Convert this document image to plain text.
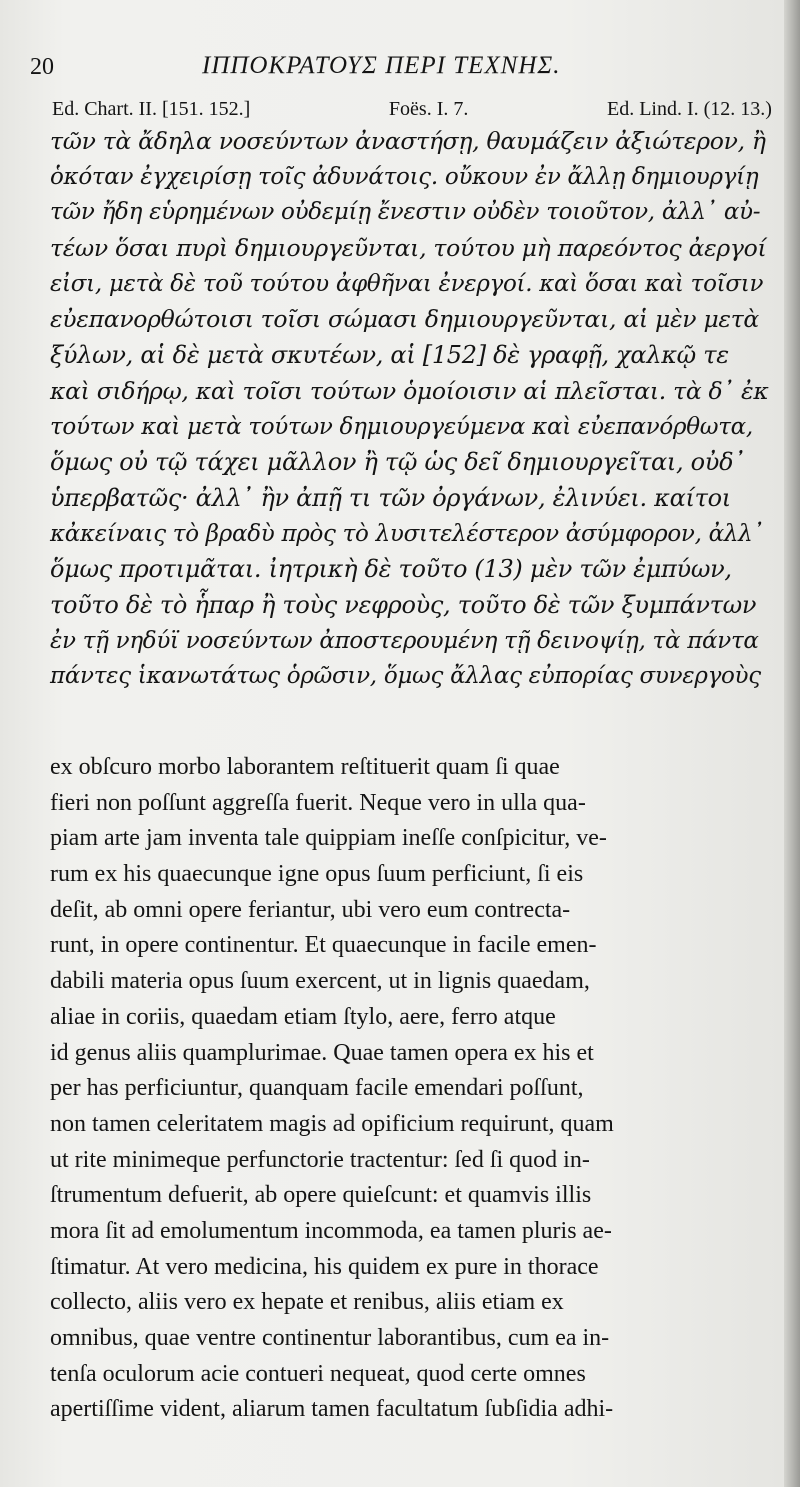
20	ΙΠΠΟΚΡΑΤΟΥΣ ΠΕΡΙ ΤΕΧΝΗΣ.
Ed. Chart. II. [151. 152.]	Foës. I. 7.	Ed. Lind. I. (12. 13.)
τῶν τὰ ἄδηλα νοσεύντων ἀναστήσῃ, θαυμάζειν ἀξιώτερον, ἢ
ὁκόταν ἐγχειρίσῃ τοῖς ἀδυνάτοις. οὔκουν ἐν ἄλλῃ δημιουργίῃ
τῶν ἤδη εὑρημένων οὐδεμίῃ ἔνεστιν οὐδὲν τοιοῦτον, ἀλλ᾽ αὐ-
τέων ὅσαι πυρὶ δημιουργεῦνται, τούτου μὴ παρεόντος ἀεργοί
εἰσι, μετὰ δὲ τοῦ τούτου ἀφθῆναι ἐνεργοί. καὶ ὅσαι καὶ τοῖσιν
εὐεπανορθώτοισι τοῖσι σώμασι δημιουργεῦνται, αἱ μὲν μετὰ
ξύλων, αἱ δὲ μετὰ σκυτέων, αἱ [152] δὲ γραφῇ, χαλκῷ τε
καὶ σιδήρῳ, καὶ τοῖσι τούτων ὁμοίοισιν αἱ πλεῖσται. τὰ δ᾽ ἐκ
τούτων καὶ μετὰ τούτων δημιουργεύμενα καὶ εὐεπανόρθωτα,
ὅμως οὐ τῷ τάχει μᾶλλον ἢ τῷ ὡς δεῖ δημιουργεῖται, οὐδ᾽
ὑπερβατῶς· ἀλλ᾽ ἢν ἀπῇ τι τῶν ὀργάνων, ἐλινύει. καίτοι
κἀκείναις τὸ βραδὺ πρὸς τὸ λυσιτελέστερον ἀσύμφορον, ἀλλ᾽
ὅμως προτιμᾶται. ἰητρικὴ δὲ τοῦτο (13) μὲν τῶν ἐμπύων,
τοῦτο δὲ τὸ ἧπαρ ἢ τοὺς νεφροὺς, τοῦτο δὲ τῶν ξυμπάντων
ἐν τῇ νηδύϊ νοσεύντων ἀποστερουμένη τῇ δεινοψίῃ, τὰ πάντα
πάντες ἱκανωτάτως ὁρῶσιν, ὅμως ἄλλας εὐπορίας συνεργοὺς
ex obſcuro morbo laborantem reſtituerit quam ſi quae
fieri non poſſunt aggreſſa fuerit. Neque vero in ulla qua-
piam arte jam inventa tale quippiam ineſſe conſpicitur, ve-
rum ex his quaecunque igne opus ſuum perficiunt, ſi eis
deſit, ab omni opere feriantur, ubi vero eum contrecta-
runt, in opere continentur. Et quaecunque in facile emen-
dabili materia opus ſuum exercent, ut in lignis quaedam,
aliae in coriis, quaedam etiam ſtylo, aere, ferro atque
id genus aliis quamplurimae. Quae tamen opera ex his et
per has perficiuntur, quanquam facile emendari poſſunt,
non tamen celeritatem magis ad opificium requirunt, quam
ut rite minimeque perfunctorie tractentur: ſed ſi quod in-
ſtrumentum defuerit, ab opere quieſcunt: et quamvis illis
mora ſit ad emolumentum incommoda, ea tamen pluris ae-
ſtimatur. At vero medicina, his quidem ex pure in thorace
collecto, aliis vero ex hepate et renibus, aliis etiam ex
omnibus, quae ventre continentur laborantibus, cum ea in-
tenſa oculorum acie contueri nequeat, quod certe omnes
apertiſſime vident, aliarum tamen facultatum ſubſidia adhi-
